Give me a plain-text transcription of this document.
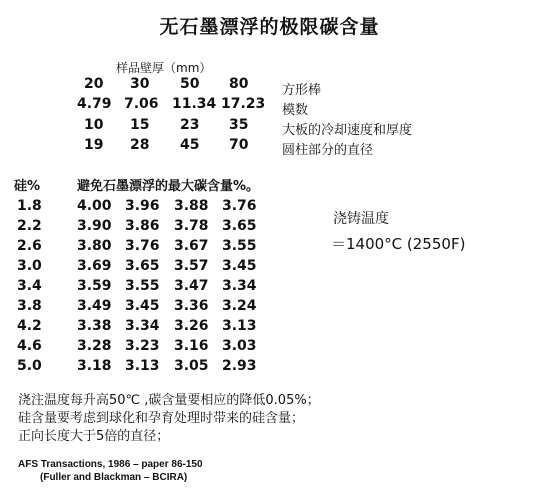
无石墨漂浮的极限碳含量
样品壁厚（mm）
20 30 50 80	方形棒
4.79 7.06 11.34 17.23 模数
10 15 23 35	大板的冷却速度和厚度
19 28 45 70	圆柱部分的直径
硅%	避免石墨漂浮的最大碳含量%。
1.8	4.00 3.96 3.88 3.76
2.2	3.90 3.86 3.78 3.65
2.6	3.80 3.76 3.67 3.55
3.0	3.69 3.65 3.57 3.45
3.4	3.59 3.55 3.47 3.34
3.8	3.49 3.45 3.36 3.24
4.2	3.38 3.34 3.26 3.13
4.6	3.28 3.23 3.16 3.03
5.0	3.18 3.13 3.05 2.93
浇铸温度
＝1400°C (2550F)
浇注温度每升高50℃ ,碳含量要相应的降低0.05%；
硅含量要考虑到球化和孕育处理时带来的硅含量；
正向长度大于5倍的直径；
AFS Transactions, 1986 – paper 86-150
(Fuller and Blackman – BCIRA)
